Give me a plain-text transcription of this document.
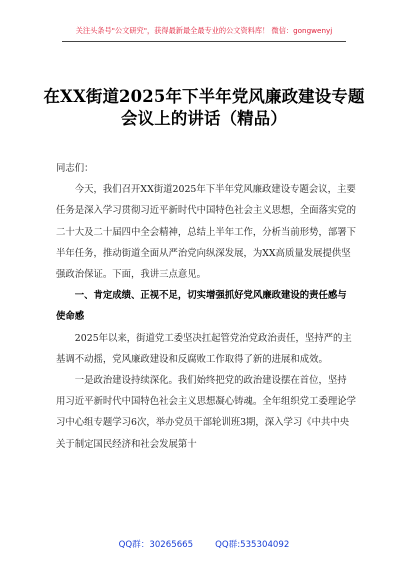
关注头条号"公文研究"，获得最新最全最专业的公文资料库！ 微信：gongwenyj
在XX街道2025年下半年党风廉政建设专题会议上的讲话（精品）

同志们：

今天，我们召开XX街道2025年下半年党风廉政建设专题会议，主要任务是深入学习贯彻习近平新时代中国特色社会主义思想，全面落实党的二十大及二十届四中全会精神，总结上半年工作，分析当前形势，部署下半年任务，推动街道全面从严治党向纵深发展，为XX高质量发展提供坚强政治保证。下面，我讲三点意见。

一、肯定成绩、正视不足，切实增强抓好党风廉政建设的责任感与使命感

2025年以来，街道党工委坚决扛起管党治党政治责任，坚持严的主基调不动摇，党风廉政建设和反腐败工作取得了新的进展和成效。

一是政治建设持续深化。我们始终把党的政治建设摆在首位，坚持用习近平新时代中国特色社会主义思想凝心铸魂。全年组织党工委理论学习中心组专题学习6次，举办党员干部轮训班3期，深入学习《中共中央关于制定国民经济和社会发展第十

QQ群：30265665	QQ群:535304092
